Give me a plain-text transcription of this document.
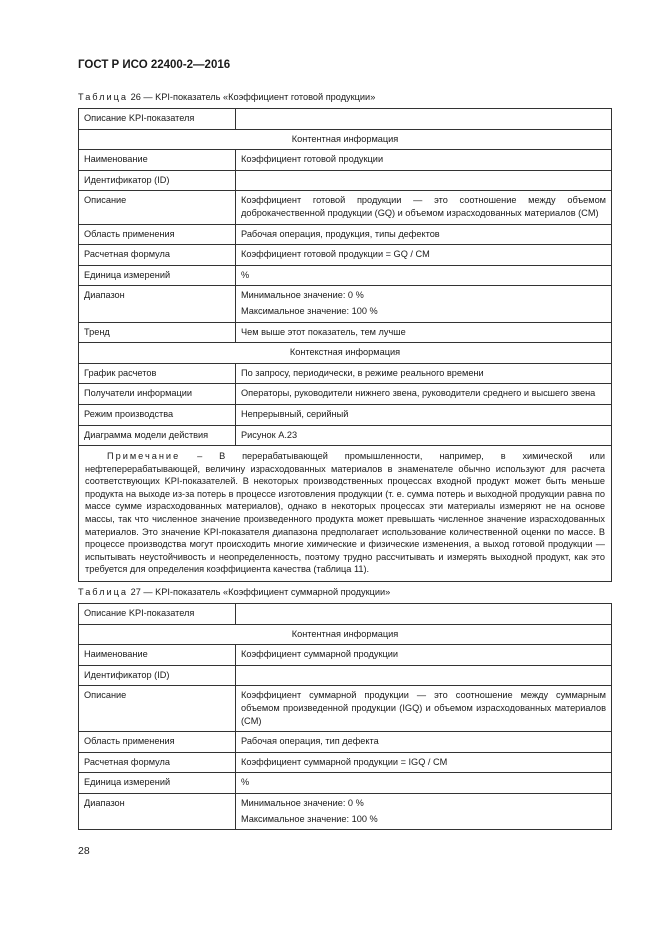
ГОСТ Р ИСО 22400-2—2016
Таблица 26 — KPI-показатель «Коэффициент готовой продукции»
Описание KPI-показателя	
Контентная информация	
Наименование	Коэффициент готовой продукции
Идентификатор (ID)	
Описание	Коэффициент готовой продукции — это соотношение между объемом доброкачественной продукции (GQ) и объемом израсходованных материалов (CM)
Область применения	Рабочая операция, продукция, типы дефектов
Расчетная формула	Коэффициент готовой продукции = GQ / CM
Единица измерений	%
Диапазон	Минимальное значение: 0 %
Максимальное значение: 100 %

Тренд	Чем выше этот показатель, тем лучше
Контекстная информация	
График расчетов	По запросу, периодически, в режиме реального времени
Получатели информации	Операторы, руководители нижнего звена, руководители среднего и высшего звена
Режим производства	Непрерывный, серийный
Диаграмма модели действия	Рисунок А.23
Примечание – В перерабатывающей промышленности, например, в химической или нефтеперерабатывающей, величину израсходованных материалов в знаменателе обычно используют для расчета соответствующих KPI-показателей. В некоторых производственных процессах входной продукт может быть меньше продукта на выходе из-за потерь в процессе изготовления продукции (т. е. сумма потерь и выходной продукции равна по массе сумме израсходованных материалов), однако в некоторых процессах эти материалы измеряют не на основе массы, так что численное значение произведенного продукта может превышать численное значение израсходованных материалов. Это значение KPI-показателя диапазона предполагает использование количественной оценки по массе. В процессе производства могут происходить многие химические и физические изменения, а выход готовой продукции — испытывать неустойчивость и неопределенность, поэтому трудно рассчитывать и измерять выходной продукт, как это требуется для определения коэффициента качества (таблица 11).	
Таблица 27 — KPI-показатель «Коэффициент суммарной продукции»
Описание KPI-показателя	
Контентная информация	
Наименование	Коэффициент суммарной продукции
Идентификатор (ID)	
Описание	Коэффициент суммарной продукции — это соотношение между суммарным объемом произведенной продукции (IGQ) и объемом израсходованных материалов (CM)
Область применения	Рабочая операция, тип дефекта
Расчетная формула	Коэффициент суммарной продукции = IGQ / CM
Единица измерений	%
Диапазон	Минимальное значение: 0 %
Максимальное значение: 100 %
28
